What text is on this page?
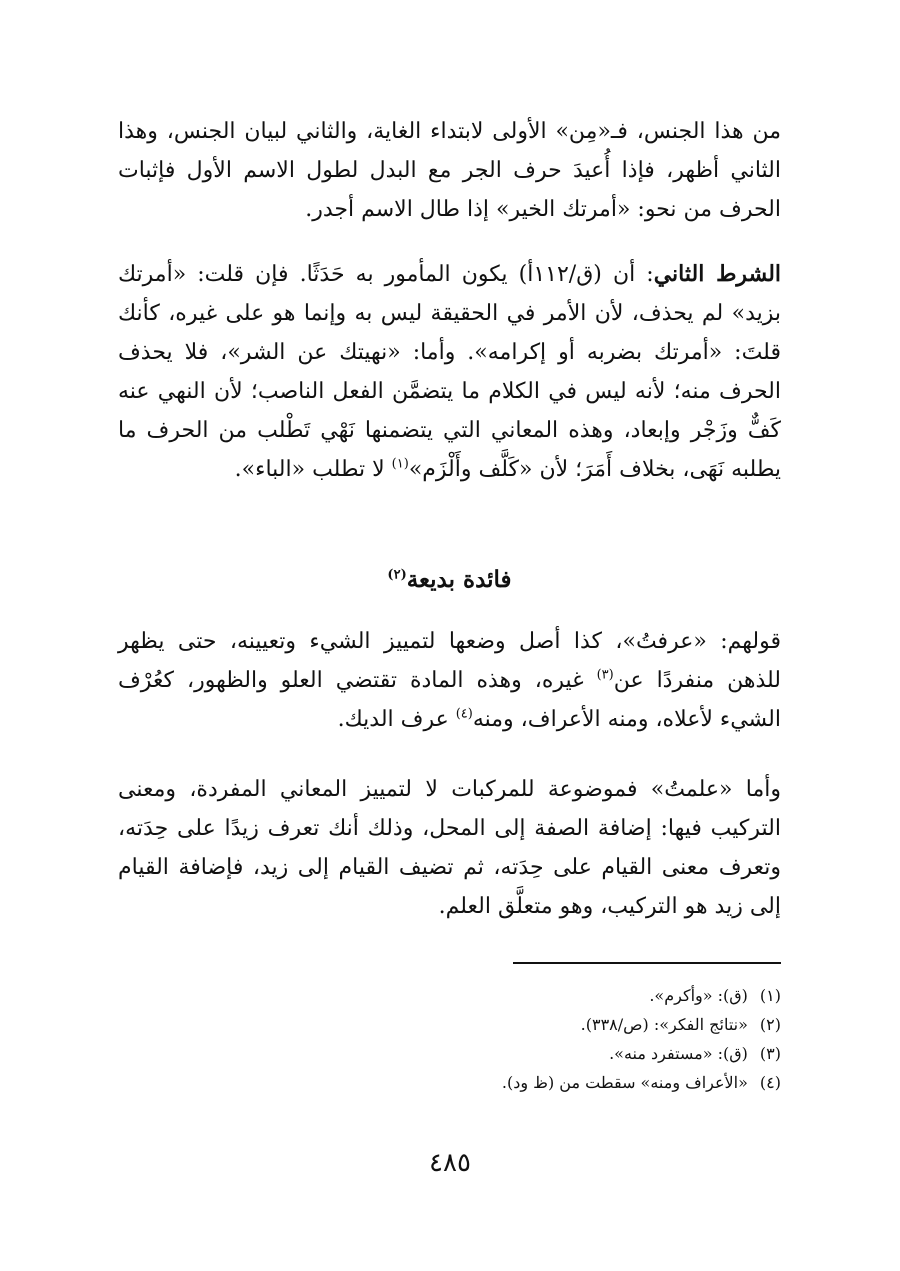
من هذا الجنس، فـ«مِن» الأولى لابتداء الغاية، والثاني لبيان الجنس، وهذا الثاني أظهر، فإذا أُعيدَ حرف الجر مع البدل لطول الاسم الأول فإثبات الحرف من نحو: «أمرتك الخير» إذا طال الاسم أجدر.

الشرط الثاني: أن (ق/١١٢أ) يكون المأمور به حَدَثًا. فإن قلت: «أمرتك بزيد» لم يحذف، لأن الأمر في الحقيقة ليس به وإنما هو على غيره، كأنك قلتَ: «أمرتك بضربه أو إكرامه». وأما: «نهيتك عن الشر»، فلا يحذف الحرف منه؛ لأنه ليس في الكلام ما يتضمَّن الفعل الناصب؛ لأن النهي عنه كَفٌّ وزَجْر وإبعاد، وهذه المعاني التي يتضمنها نَهْي تَطْلب من الحرف ما يطلبه نَهَى، بخلاف أَمَرَ؛ لأن «كَلَّف وأَلْزَم»$^{(١)}$ لا تطلب «الباء».

فائدة بديعة$^{(٢)}$

قولهم: «عرفتُ»، كذا أصل وضعها لتمييز الشيء وتعيينه، حتى يظهر للذهن منفردًا عن$^{(٣)}$ غيره، وهذه المادة تقتضي العلو والظهور، كعُرْف الشيء لأعلاه، ومنه الأعراف، ومنه$^{(٤)}$ عرف الديك.

وأما «علمتُ» فموضوعة للمركبات لا لتمييز المعاني المفردة، ومعنى التركيب فيها: إضافة الصفة إلى المحل، وذلك أنك تعرف زيدًا على حِدَته، وتعرف معنى القيام على حِدَته، ثم تضيف القيام إلى زيد، فإضافة القيام إلى زيد هو التركيب، وهو متعلَّق العلم.

(١)(ق): «وأكرم».
(٢)«نتائج الفكر»: (ص/٣٣٨).
(٣)(ق): «مستفرد منه».
(٤)«الأعراف ومنه» سقطت من (ظ ود).
٤٨٥
